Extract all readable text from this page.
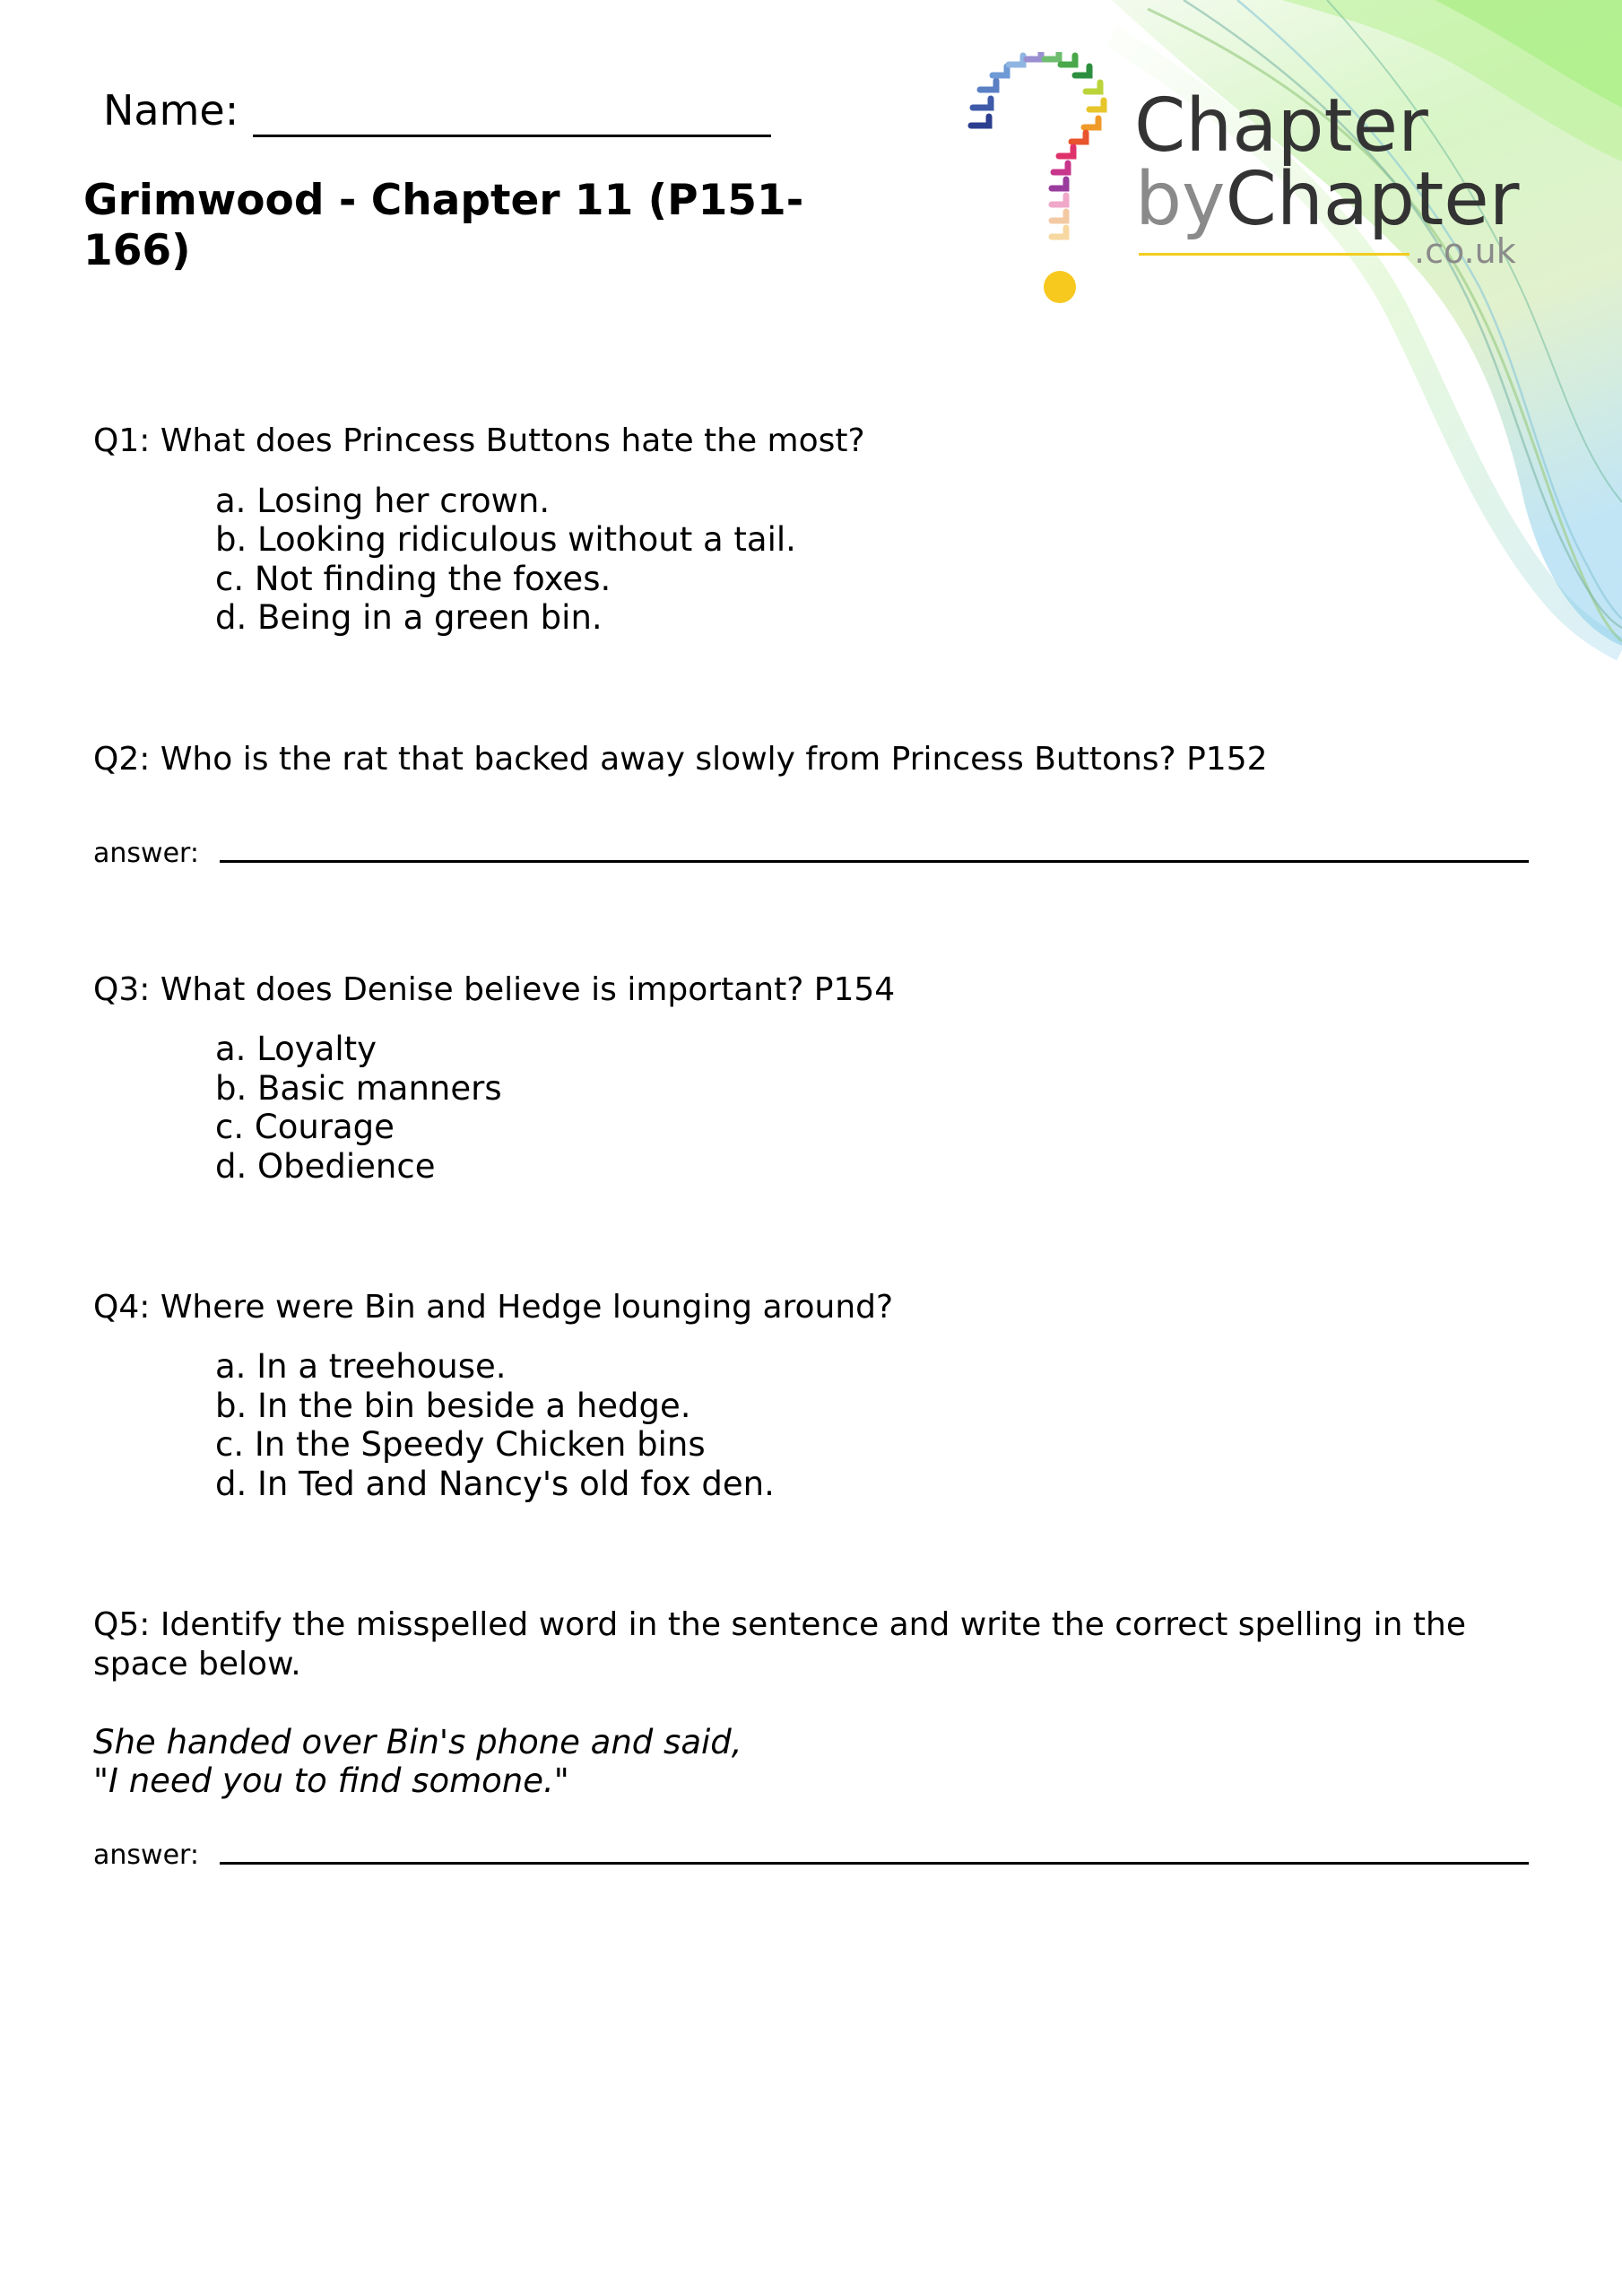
Name:
Grimwood - Chapter 11 (P151-166)
Chapter
byChapter
.co.uk
Q1: What does Princess Buttons hate the most?
a. Losing her crown.
b. Looking ridiculous without a tail.
c. Not finding the foxes.
d. Being in a green bin.
Q2: Who is the rat that backed away slowly from Princess Buttons? P152
answer:
Q3: What does Denise believe is important? P154
a. Loyalty
b. Basic manners
c. Courage
d. Obedience
Q4: Where were Bin and Hedge lounging around?
a. In a treehouse.
b. In the bin beside a hedge.
c. In the Speedy Chicken bins
d. In Ted and Nancy's old fox den.
Q5: Identify the misspelled word in the sentence and write the correct spelling in the
space below.
She handed over Bin's phone and said,
"I need you to find somone."
answer:
